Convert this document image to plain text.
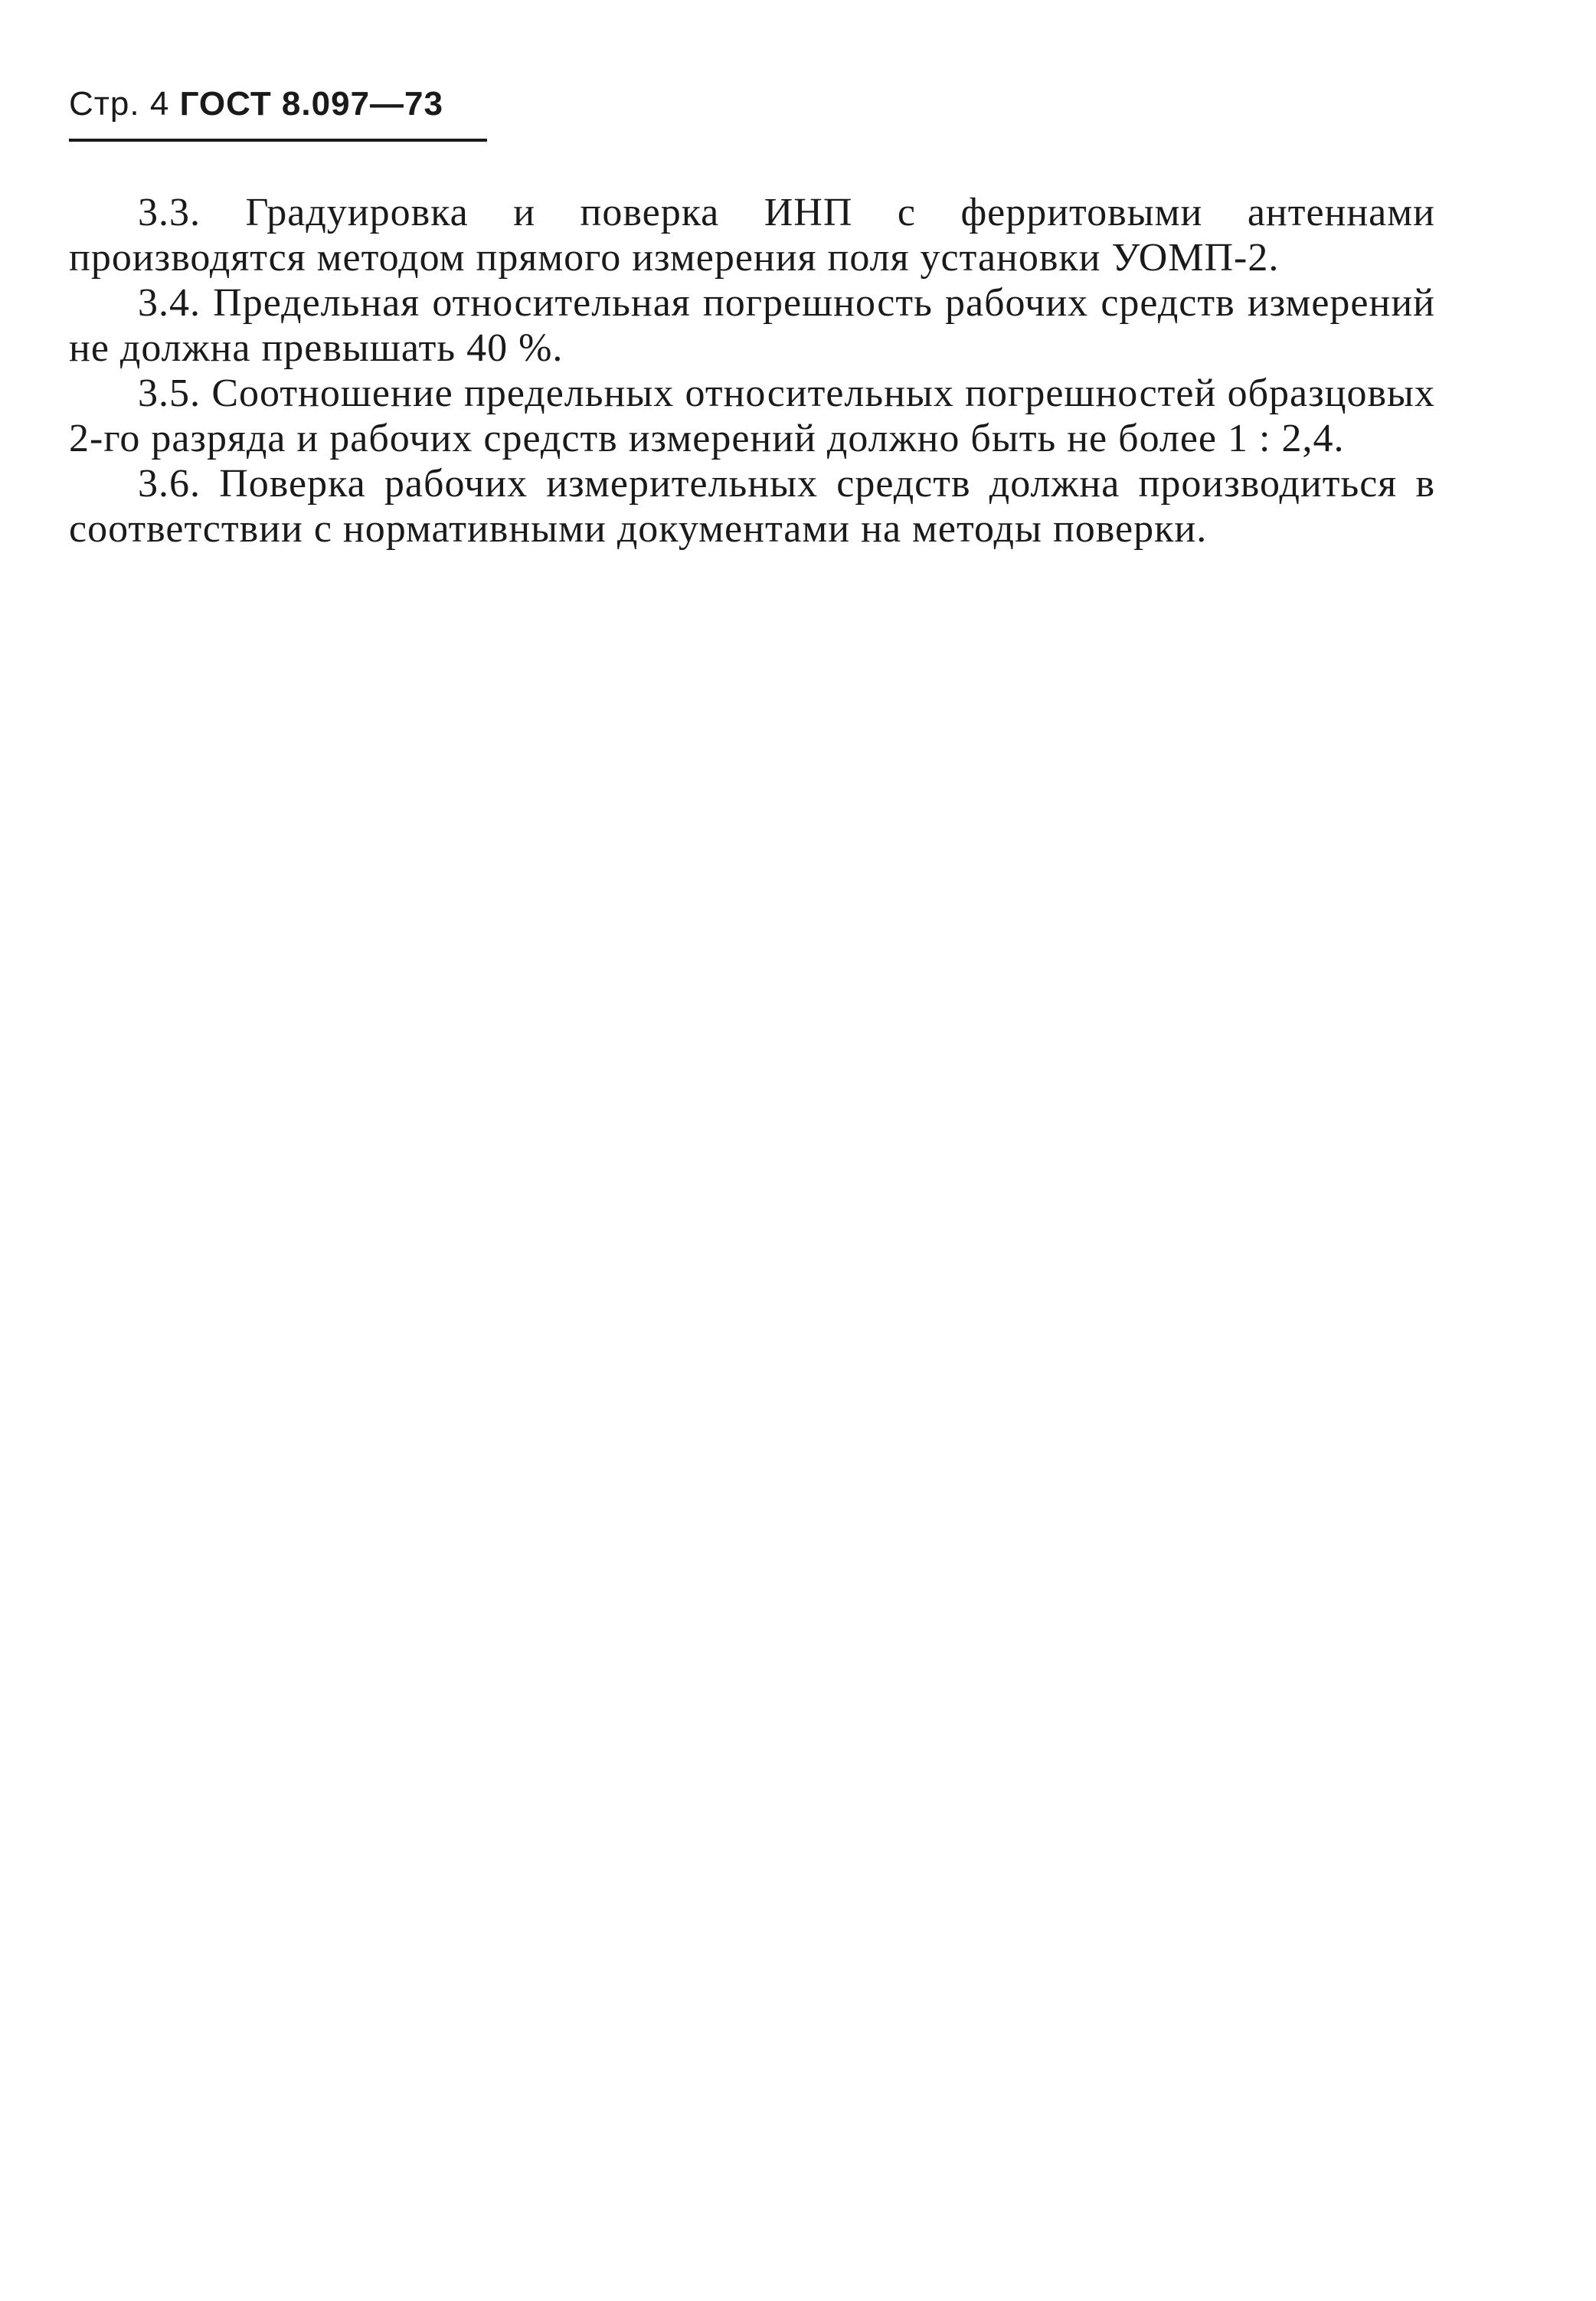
Стр. 4 ГОСТ 8.097—73

3.3. Градуировка и поверка ИНП с ферритовыми антеннами производятся методом прямого измерения поля установки УОМП-2.

3.4. Предельная относительная погрешность рабочих средств измерений не должна превышать 40 %.

3.5. Соотношение предельных относительных погрешностей образцовых 2-го разряда и рабочих средств измерений должно быть не более 1 : 2,4.

3.6. Поверка рабочих измерительных средств должна производиться в соответствии с нормативными документами на методы поверки.
